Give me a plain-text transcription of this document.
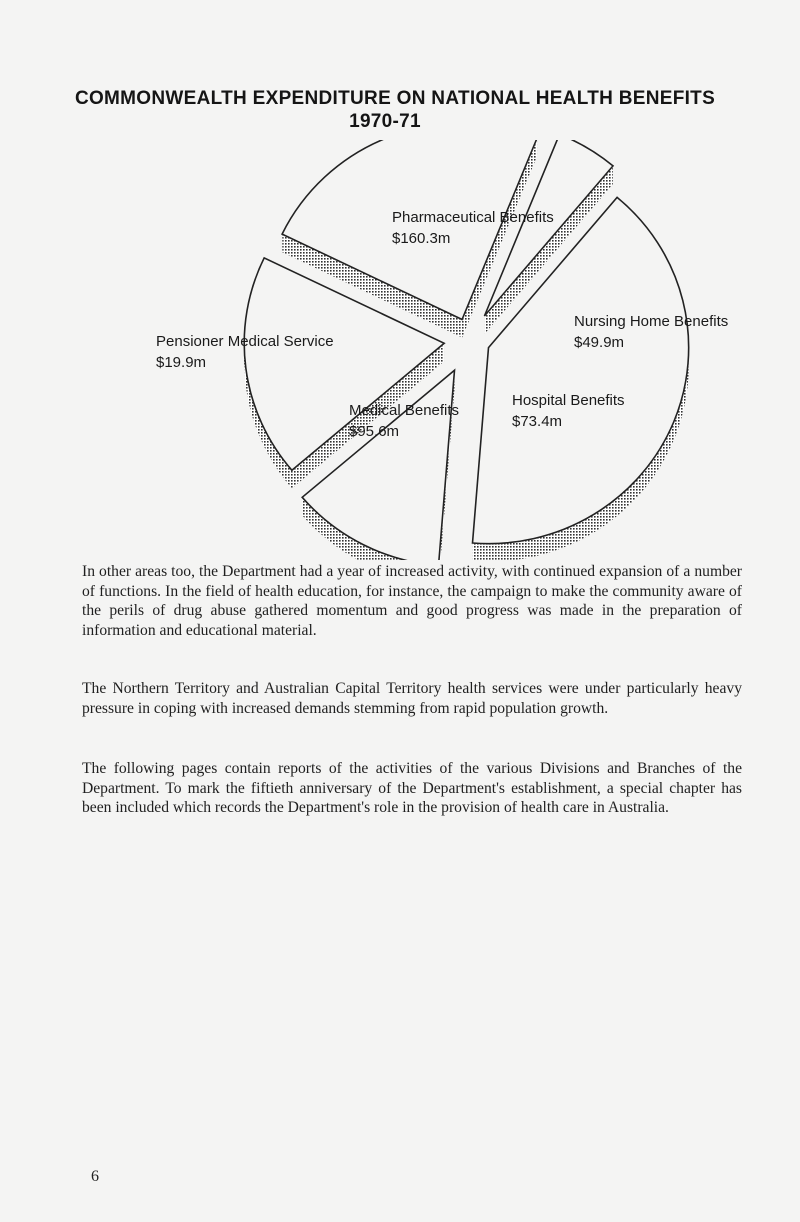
COMMONWEALTH EXPENDITURE ON NATIONAL HEALTH BENEFITS
1970-71
Pharmaceutical Benefits
$160.3m
Nursing Home Benefits
$49.9m
Hospital Benefits
$73.4m
Medical Benefits
$95.6m
Pensioner Medical Service
$19.9m

In other areas too, the Department had a year of increased activity, with continued expansion of a number of functions. In the field of health education, for instance, the campaign to make the community aware of the perils of drug abuse gathered momentum and good progress was made in the preparation of information and educational material.

The Northern Territory and Australian Capital Territory health services were under particularly heavy pressure in coping with increased demands stemming from rapid population growth.

The following pages contain reports of the activities of the various Divisions and Branches of the Department. To mark the fiftieth anniversary of the Department's establishment, a special chapter has been included which records the Department's role in the provision of health care in Australia.

6
